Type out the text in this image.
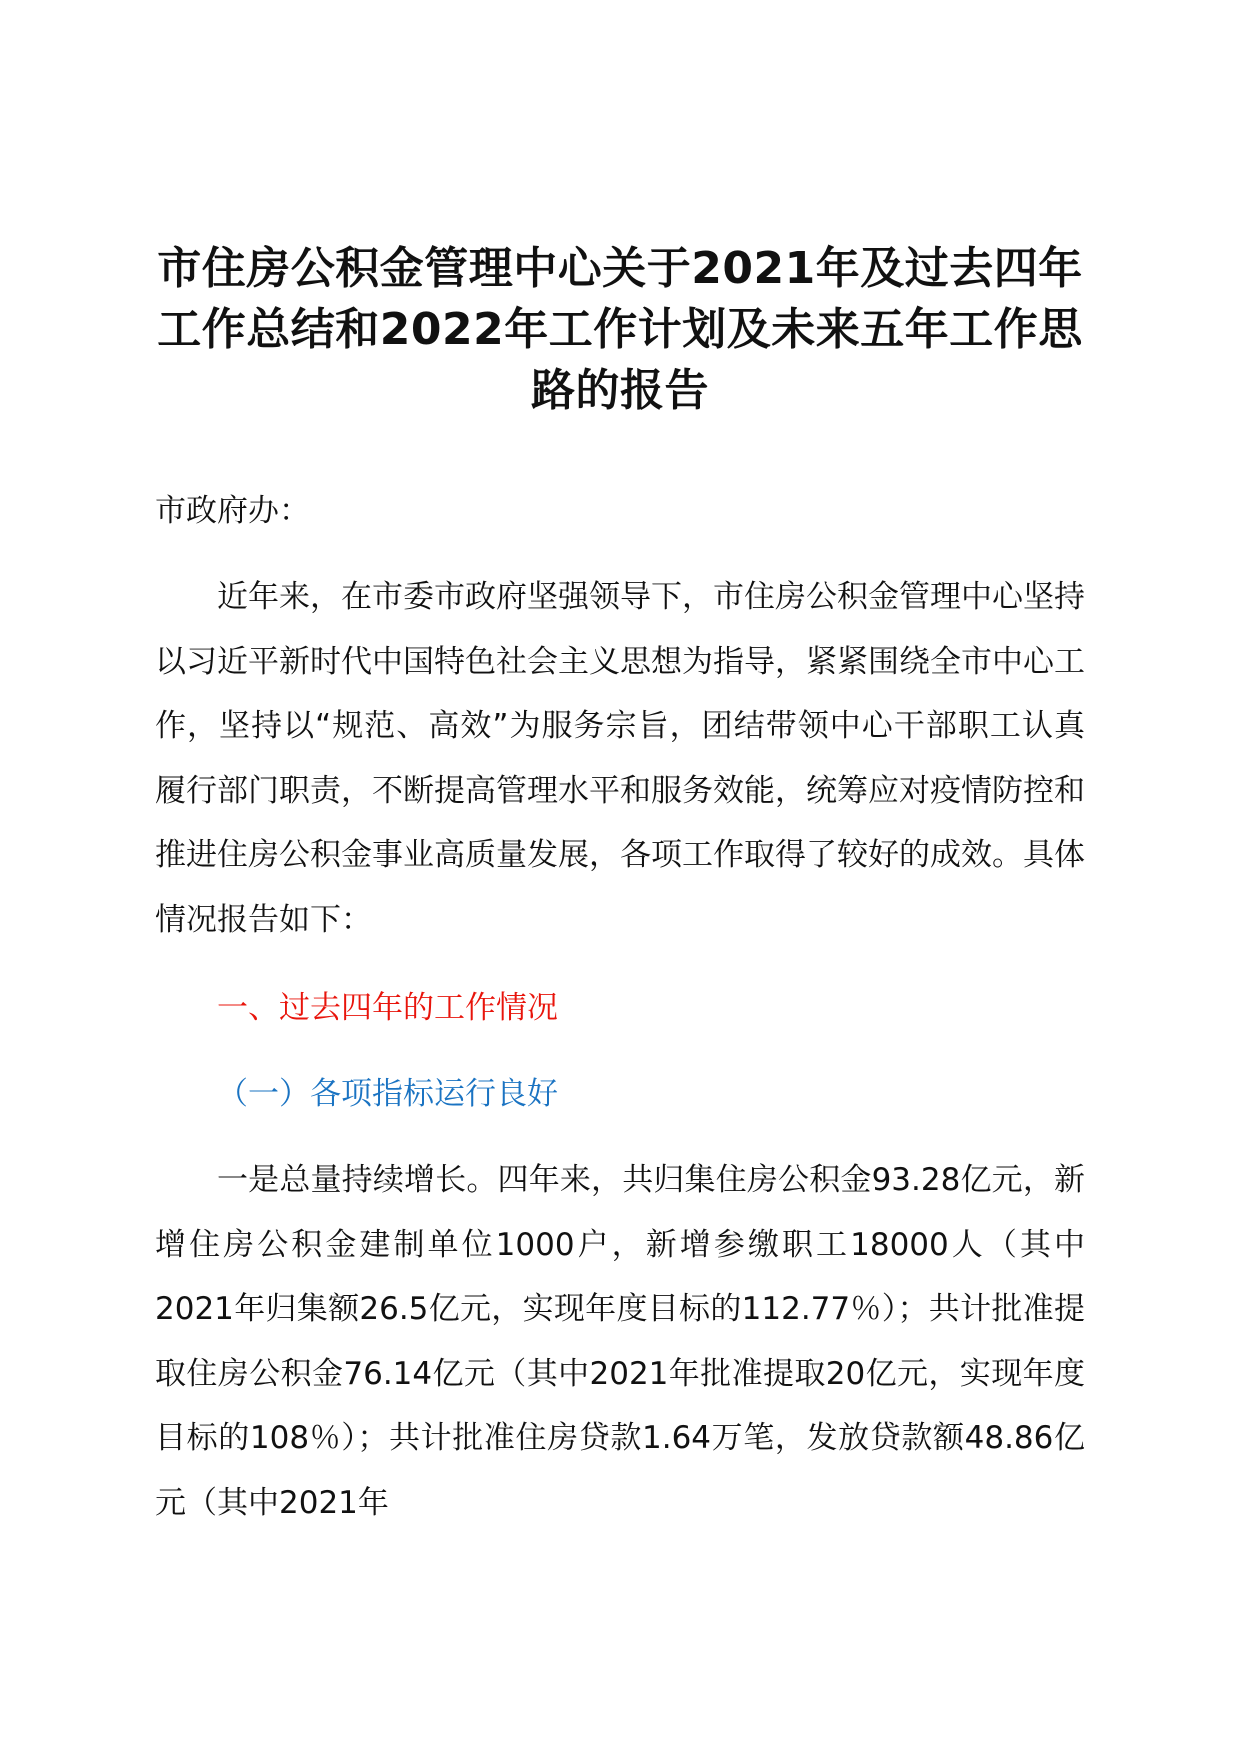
市住房公积金管理中心关于2021年及过去四年工作总结和2022年工作计划及未来五年工作思路的报告

市政府办：

近年来，在市委市政府坚强领导下，市住房公积金管理中心坚持以习近平新时代中国特色社会主义思想为指导，紧紧围绕全市中心工作，坚持以“规范、高效”为服务宗旨，团结带领中心干部职工认真履行部门职责，不断提高管理水平和服务效能，统筹应对疫情防控和推进住房公积金事业高质量发展，各项工作取得了较好的成效。具体情况报告如下：

一、过去四年的工作情况

（一）各项指标运行良好

一是总量持续增长。四年来，共归集住房公积金93.28亿元，新增住房公积金建制单位1000户，新增参缴职工18000人（其中2021年归集额26.5亿元，实现年度目标的112.77％）；共计批准提取住房公积金76.14亿元（其中2021年批准提取20亿元，实现年度目标的108％）；共计批准住房贷款1.64万笔，发放贷款额48.86亿元（其中2021年
